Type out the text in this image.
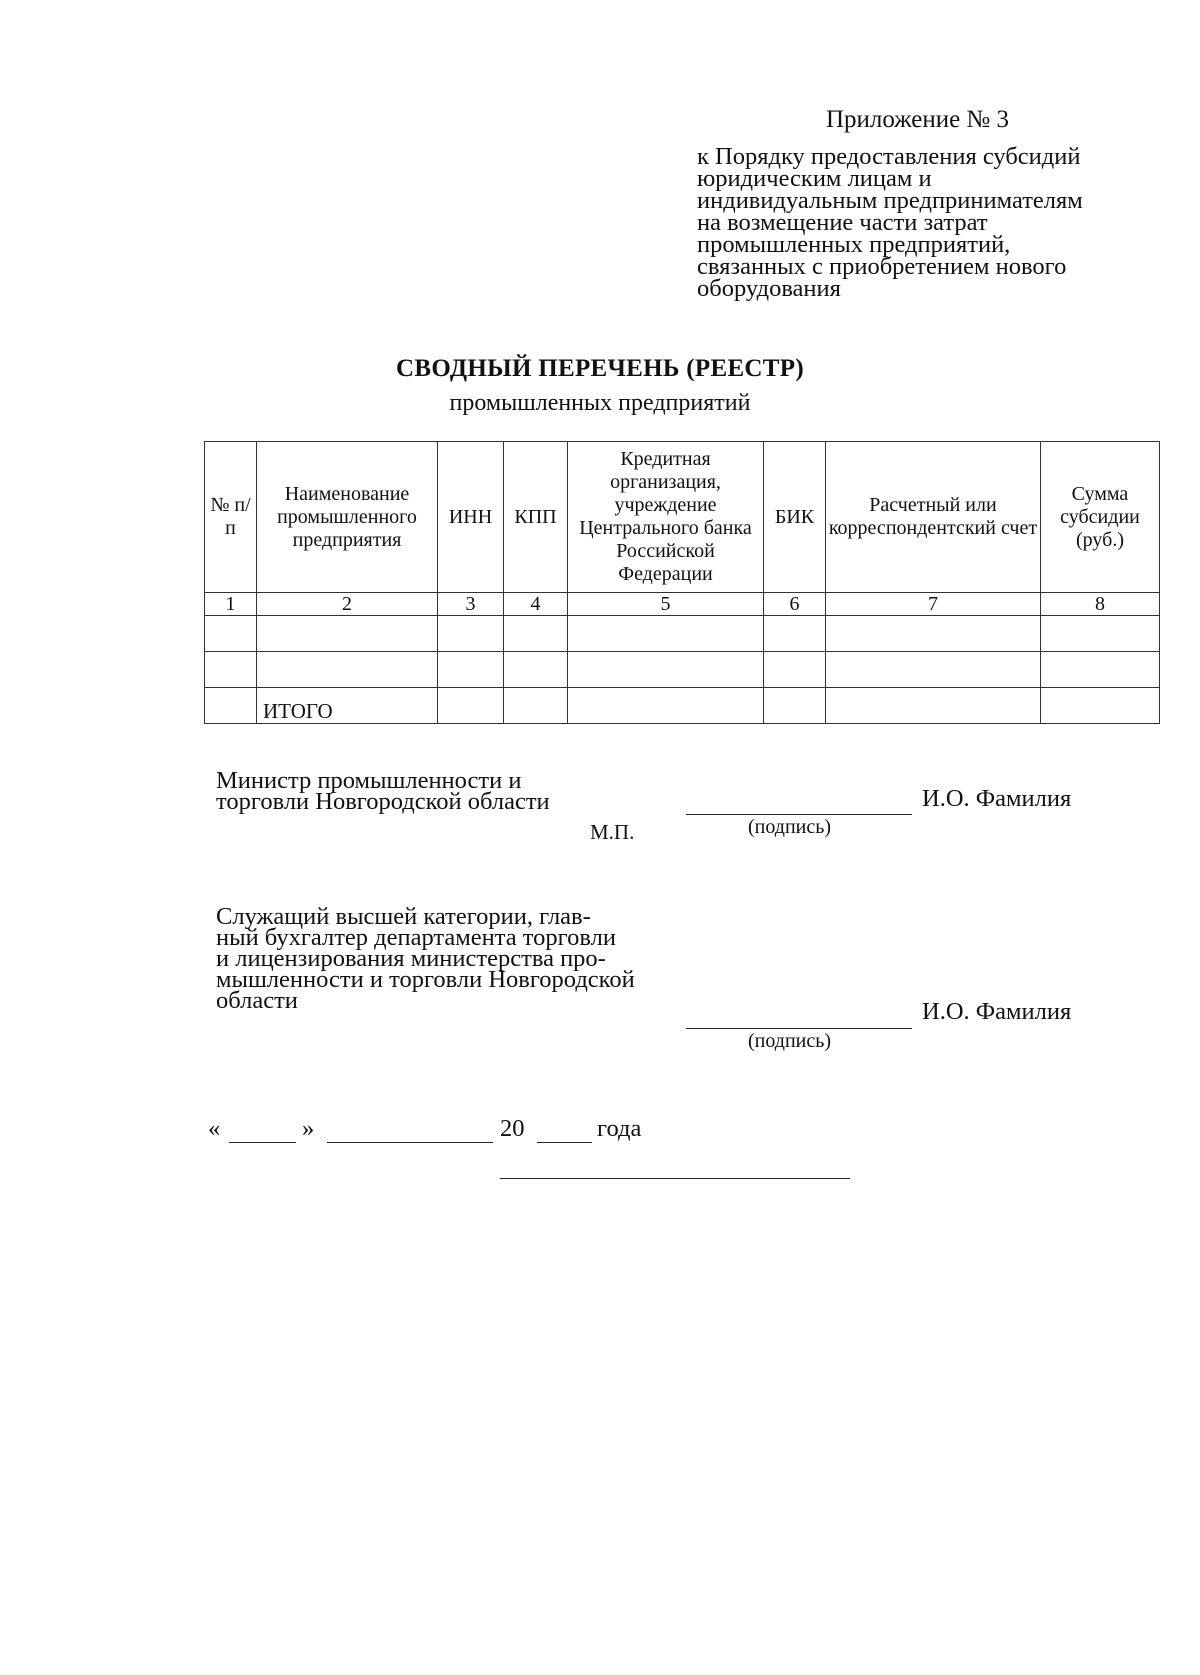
Приложение № 3
к Порядку предоставления субсидий
юридическим лицам и
индивидуальным предпринимателям
на возмещение части затрат
промышленных предприятий,
связанных с приобретением нового
оборудования
СВОДНЫЙ ПЕРЕЧЕНЬ (РЕЕСТР)
промышленных предприятий
№ п/п	Наименование промышленного предприятия	ИНН	КПП	Кредитная организация, учреждение Центрального банка Российской Федерации	БИК	Расчетный или корреспондентский счет	Сумма субсидии (руб.)
1	2	3	4	5	6	7	8

	ИТОГО						
Министр промышленности и
торговли Новгородской области	И.О. Фамилия
(подпись)
М.П.
Служащий высшей категории, глав-
ный бухгалтер департамента торговли
и лицензирования министерства про-
мышленности и торговли Новгородской
области	И.О. Фамилия
(подпись)
«	»	20	года
